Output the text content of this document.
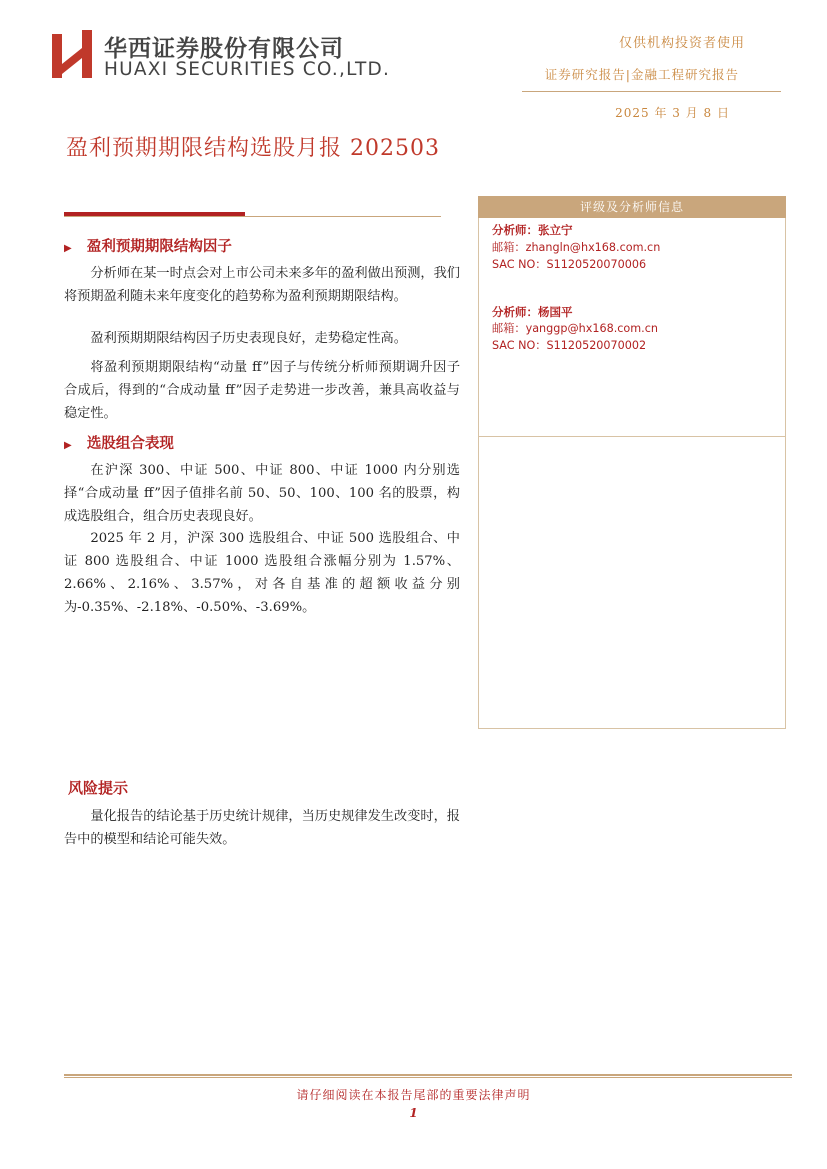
华西证券股份有限公司
HUAXI SECURITIES CO.,LTD.
仅供机构投资者使用
证券研究报告|金融工程研究报告
2025 年 3 月 8 日
盈利预期期限结构选股月报 202503
▶ 盈利预期期限结构因子

分析师在某一时点会对上市公司未来多年的盈利做出预测，我们将预期盈利随未来年度变化的趋势称为盈利预期期限结构。

盈利预期期限结构因子历史表现良好，走势稳定性高。

将盈利预期期限结构“动量 ff”因子与传统分析师预期调升因子合成后，得到的“合成动量 ff”因子走势进一步改善，兼具高收益与稳定性。

▶ 选股组合表现

在沪深 300、中证 500、中证 800、中证 1000 内分别选择“合成动量 ff”因子值排名前 50、50、100、100 名的股票，构成选股组合，组合历史表现良好。

2025 年 2 月，沪深 300 选股组合、中证 500 选股组合、中证 800 选股组合、中证 1000 选股组合涨幅分别为 1.57%、2.66%、2.16%、3.57%，对各自基准的超额收益分别为-0.35%、-2.18%、-0.50%、-3.69%。

评级及分析师信息
分析师：张立宁
邮箱：zhangln@hx168.com.cn
SAC NO：S1120520070006
分析师：杨国平
邮箱：yanggp@hx168.com.cn
SAC NO：S1120520070002
风险提示

量化报告的结论基于历史统计规律，当历史规律发生改变时，报告中的模型和结论可能失效。

请仔细阅读在本报告尾部的重要法律声明
1
